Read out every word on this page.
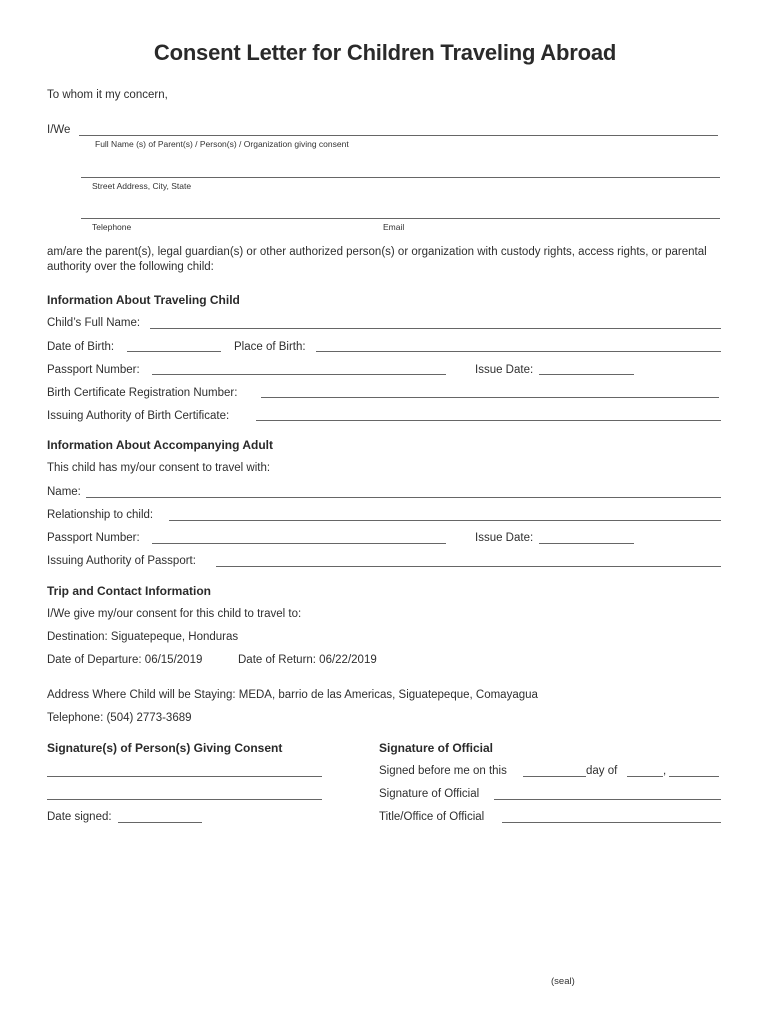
Consent Letter for Children Traveling Abroad
To whom it my concern,
I/We
Full Name (s) of Parent(s) / Person(s) / Organization giving consent
Street Address, City, State
Telephone	Email
am/are the parent(s), legal guardian(s) or other authorized person(s) or organization with custody rights, access rights, or parental authority over the following child:
Information About Traveling Child
Child’s Full Name:
Date of Birth:	Place of Birth:
Passport Number:	Issue Date:
Birth Certificate Registration Number:
Issuing Authority of Birth Certificate:
Information About Accompanying Adult
This child has my/our consent to travel with:
Name:
Relationship to child:
Passport Number:	Issue Date:
Issuing Authority of Passport:
Trip and Contact Information
I/We give my/our consent for this child to travel to:
Destination: Siguatepeque, Honduras
Date of Departure: 06/15/2019	Date of Return: 06/22/2019
Address Where Child will be Staying: MEDA, barrio de las Americas, Siguatepeque, Comayagua
Telephone: (504) 2773-3689
Signature(s) of Person(s) Giving Consent
Date signed:
Signature of Official
Signed before me on this	day of	,
Signature of Official
Title/Office of Official
(seal)
